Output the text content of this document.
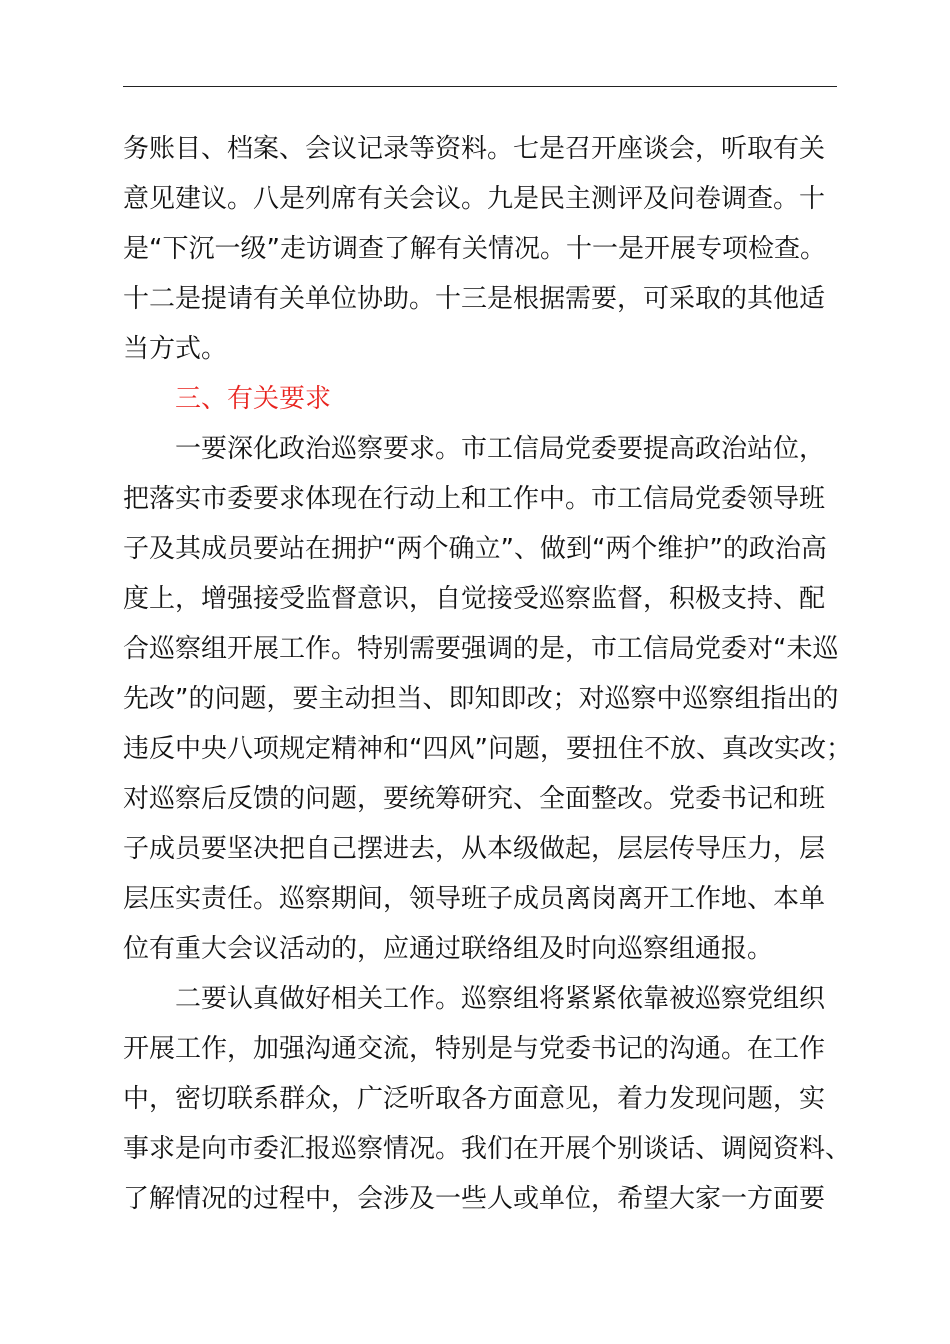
务账目、档案、会议记录等资料。七是召开座谈会，听取有关
意见建议。八是列席有关会议。九是民主测评及问卷调查。十
是“下沉一级”走访调查了解有关情况。十一是开展专项检查。
十二是提请有关单位协助。十三是根据需要，可采取的其他适
当方式。
三、有关要求
一要深化政治巡察要求。市工信局党委要提高政治站位，
把落实市委要求体现在行动上和工作中。市工信局党委领导班
子及其成员要站在拥护“两个确立”、做到“两个维护”的政治高
度上，增强接受监督意识，自觉接受巡察监督，积极支持、配
合巡察组开展工作。特别需要强调的是，市工信局党委对“未巡
先改”的问题，要主动担当、即知即改；对巡察中巡察组指出的
违反中央八项规定精神和“四风”问题，要扭住不放、真改实改；
对巡察后反馈的问题，要统筹研究、全面整改。党委书记和班
子成员要坚决把自己摆进去，从本级做起，层层传导压力，层
层压实责任。巡察期间，领导班子成员离岗离开工作地、本单
位有重大会议活动的，应通过联络组及时向巡察组通报。
二要认真做好相关工作。巡察组将紧紧依靠被巡察党组织
开展工作，加强沟通交流，特别是与党委书记的沟通。在工作
中，密切联系群众，广泛听取各方面意见，着力发现问题，实
事求是向市委汇报巡察情况。我们在开展个别谈话、调阅资料、
了解情况的过程中，会涉及一些人或单位，希望大家一方面要
